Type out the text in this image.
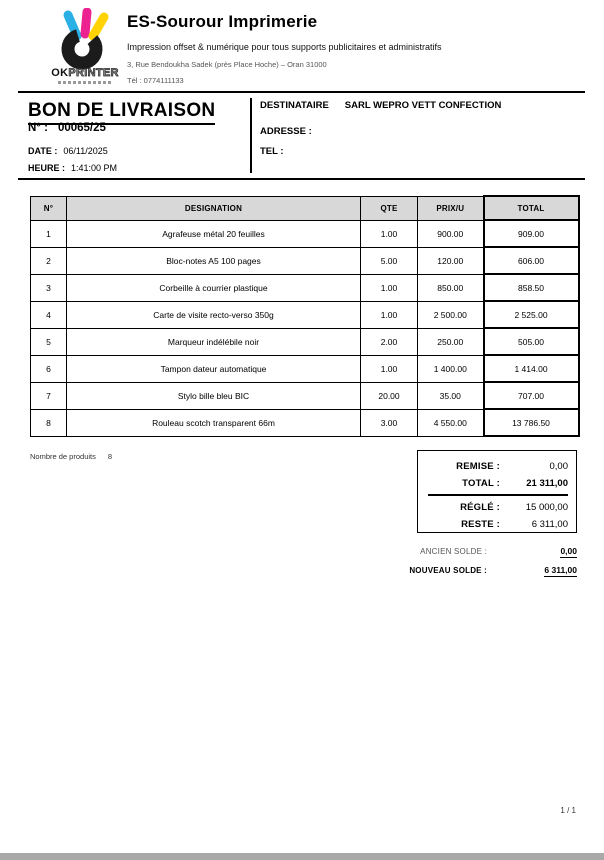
OKPRINTER
ES-Sourour Imprimerie
Impression offset & numérique pour tous supports publicitaires et administratifs
3, Rue Bendoukha Sadek (près Place Hoche) – Oran 31000
Tél : 0774111133
BON DE LIVRAISON
N° : 00065/25
DATE : 06/11/2025
HEURE : 1:41:00 PM
DESTINATAIRE SARL WEPRO VETT CONFECTION
ADRESSE :
TEL :
N°	DESIGNATION	QTE	PRIX/U	TOTAL
1	Agrafeuse métal 20 feuilles	1.00	900.00	909.00
2	Bloc-notes A5 100 pages	5.00	120.00	606.00
3	Corbeille à courrier plastique	1.00	850.00	858.50
4	Carte de visite recto-verso 350g	1.00	2 500.00	2 525.00
5	Marqueur indélébile noir	2.00	250.00	505.00
6	Tampon dateur automatique	1.00	1 400.00	1 414.00
7	Stylo bille bleu BIC	20.00	35.00	707.00
8	Rouleau scotch transparent 66m	3.00	4 550.00	13 786.50
Nombre de produits 8
REMISE :	0,00
TOTAL :	21 311,00
RÉGLÉ :	15 000,00
RESTE :	6 311,00
ANCIEN SOLDE :	0,00
NOUVEAU SOLDE :	6 311,00
1 / 1
